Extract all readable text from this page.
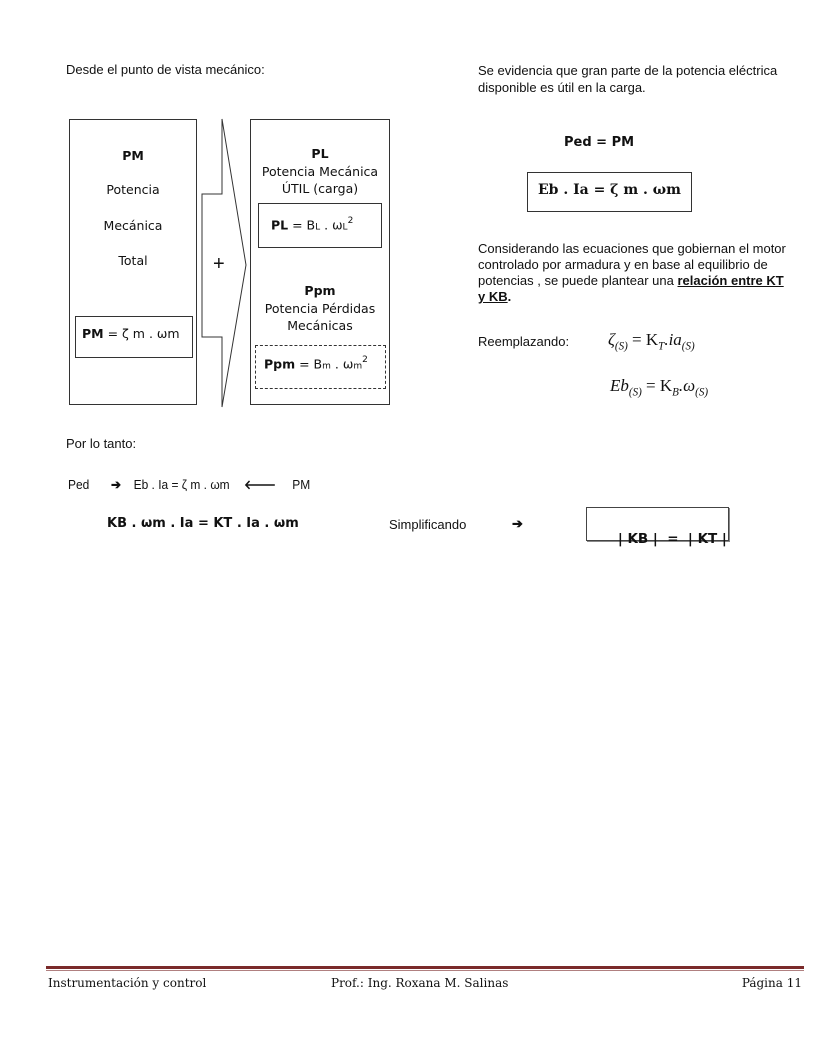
Desde el punto de vista mecánico:	Se evidencia que gran parte de la potencia eléctrica disponible es útil en la carga.
PM
Potencia
Mecánica
Total
PM = ζ m . ωm
+
PL
Potencia Mecánica
ÚTIL (carga)
PL = BL . $\omega L^2$
Ppm
Potencia Pérdidas
Mecánicas
Ppm = Bm . $\omega m^2$
Ped = PM
Eb . Ia = ζ m . ωm
Considerando las ecuaciones que gobiernan el motor controlado por armadura y en base al equilibrio de potencias , se puede plantear una relación entre KT y KB.
Reemplazando: $\zeta_{(S)} = K_T.ia_{(S)}$
$Eb_{(S)} = K_B.\omega_{(S)}$
Por lo tanto:
Ped ➔ Eb . Ia = ζ m . ωm 🡐 PM
KB . ωm . Ia = KT . Ia . ωm	Simplificando	➔

| KB |  =  | KT |

Instrumentación y control	Prof.: Ing. Roxana M. Salinas	Página 11
